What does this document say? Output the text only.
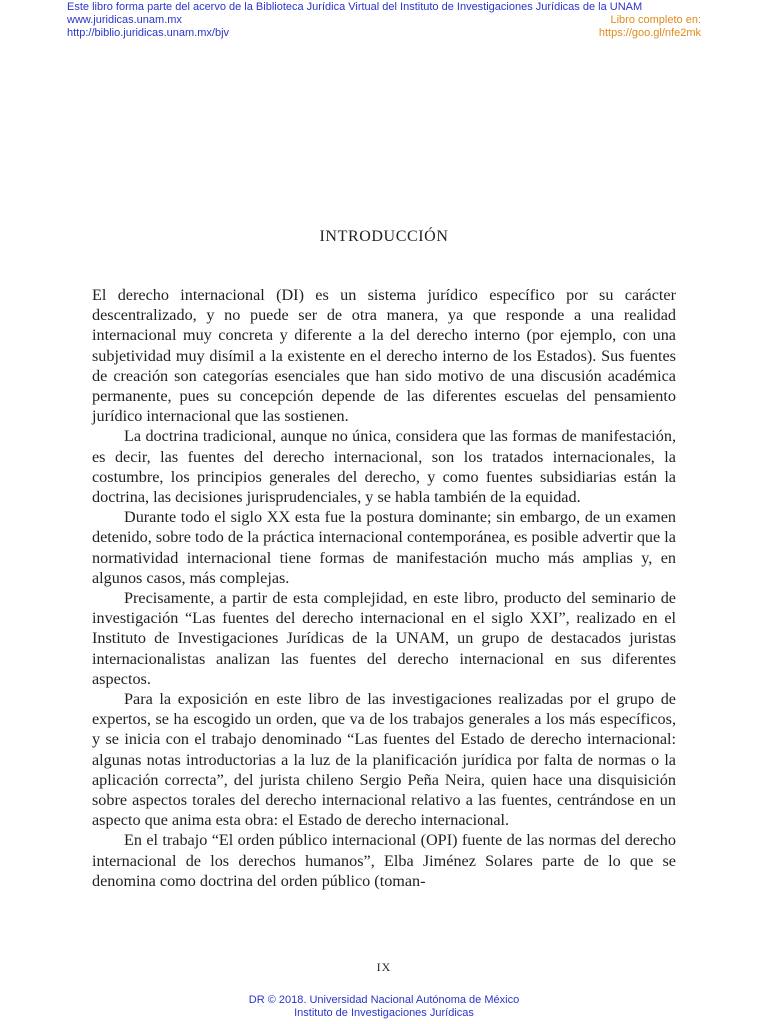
Este libro forma parte del acervo de la Biblioteca Jurídica Virtual del Instituto de Investigaciones Jurídicas de la UNAM
www.juridicas.unam.mx
http://biblio.juridicas.unam.mx/bjv
Libro completo en:
https://goo.gl/nfe2mk
INTRODUCCIÓN

El derecho internacional (DI) es un sistema jurídico específico por su carácter descentralizado, y no puede ser de otra manera, ya que responde a una realidad internacional muy concreta y diferente a la del derecho interno (por ejemplo, con una subjetividad muy disímil a la existente en el derecho interno de los Estados). Sus fuentes de creación son categorías esenciales que han sido motivo de una discusión académica permanente, pues su concepción depende de las diferentes escuelas del pensamiento jurídico internacional que las sostienen.

La doctrina tradicional, aunque no única, considera que las formas de manifestación, es decir, las fuentes del derecho internacional, son los tratados internacionales, la costumbre, los principios generales del derecho, y como fuentes subsidiarias están la doctrina, las decisiones jurisprudenciales, y se habla también de la equidad.

Durante todo el siglo XX esta fue la postura dominante; sin embargo, de un examen detenido, sobre todo de la práctica internacional contemporánea, es posible advertir que la normatividad internacional tiene formas de manifestación mucho más amplias y, en algunos casos, más complejas.

Precisamente, a partir de esta complejidad, en este libro, producto del seminario de investigación “Las fuentes del derecho internacional en el siglo XXI”, realizado en el Instituto de Investigaciones Jurídicas de la UNAM, un grupo de destacados juristas internacionalistas analizan las fuentes del derecho internacional en sus diferentes aspectos.

Para la exposición en este libro de las investigaciones realizadas por el grupo de expertos, se ha escogido un orden, que va de los trabajos generales a los más específicos, y se inicia con el trabajo denominado “Las fuentes del Estado de derecho internacional: algunas notas introductorias a la luz de la planificación jurídica por falta de normas o la aplicación correcta”, del jurista chileno Sergio Peña Neira, quien hace una disquisición sobre aspectos torales del derecho internacional relativo a las fuentes, centrándose en un aspecto que anima esta obra: el Estado de derecho internacional.

En el trabajo “El orden público internacional (OPI) fuente de las normas del derecho internacional de los derechos humanos”, Elba Jiménez Solares parte de lo que se denomina como doctrina del orden público (toman-

IX
DR © 2018. Universidad Nacional Autónoma de México
Instituto de Investigaciones Jurídicas
